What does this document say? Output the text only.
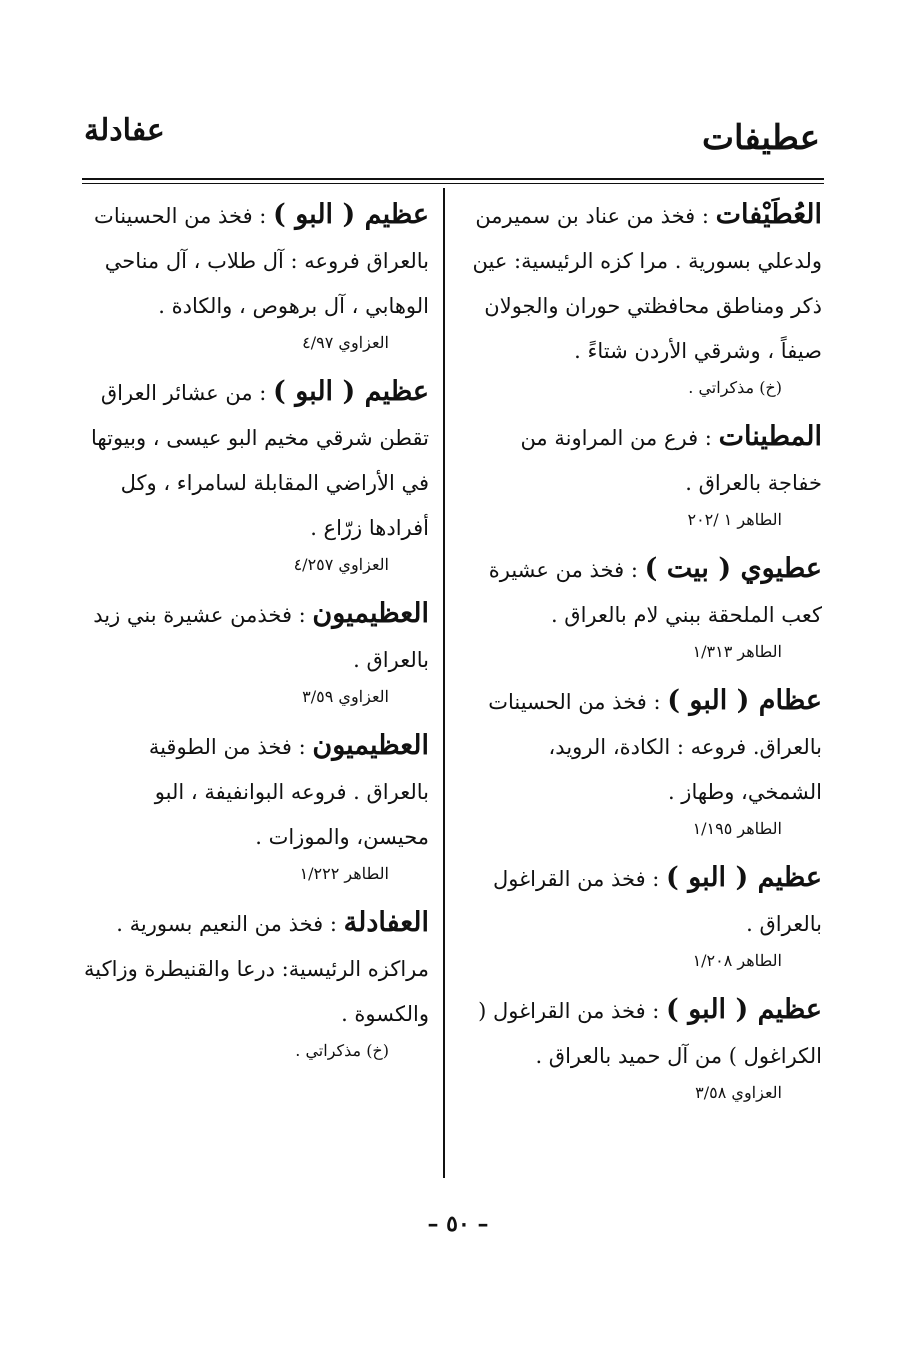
عطيفات
عفادلة

العُطَيْفات : فخذ من عناد بن سميرمن ولدعلي بسورية . مرا كزه الرئيسية: عين ذكر ومناطق محافظتي حوران والجولان صيفاً ، وشرقي الأردن شتاءً .

(خ) مذكراتي .

المطينات : فرع من المراونة من خفاجة بالعراق .

الطاهر ١ /٢٠٢

عطيوي ( بيت ) : فخذ من عشيرة كعب الملحقة ببني لام بالعراق .

الطاهر ١/٣١٣

عظام ( البو ) : فخذ من الحسينات بالعراق. فروعه : الكادة، الرويد، الشمخي، وطهاز .

الطاهر ١/١٩٥

عظيم ( البو ) : فخذ من القراغول بالعراق .

الطاهر ١/٢٠٨

عظيم ( البو ) : فخذ من القراغول ( الكراغول ) من آل حميد بالعراق .

العزاوي ٣/٥٨

عظيم ( البو ) : فخذ من الحسينات بالعراق فروعه : آل طلاب ، آل مناحي الوهابي ، آل برهوص ، والكادة .

العزاوي ٤/٩٧

عظيم ( البو ) : من عشائر العراق تقطن شرقي مخيم البو عيسى ، وبيوتها في الأراضي المقابلة لسامراء ، وكل أفرادها زرّاع .

العزاوي ٤/٢٥٧

العظيميون : فخذمن عشيرة بني زيد بالعراق .

العزاوي ٣/٥٩

العظيميون : فخذ من الطوقية بالعراق . فروعه البوانفيفة ، البو محيسن، والموزات .

الطاهر ١/٢٢٢

العفادلة : فخذ من النعيم بسورية . مراكزه الرئيسية: درعا والقنيطرة وزاكية والكسوة .

(خ) مذكراتي .

– ٥٠ –
